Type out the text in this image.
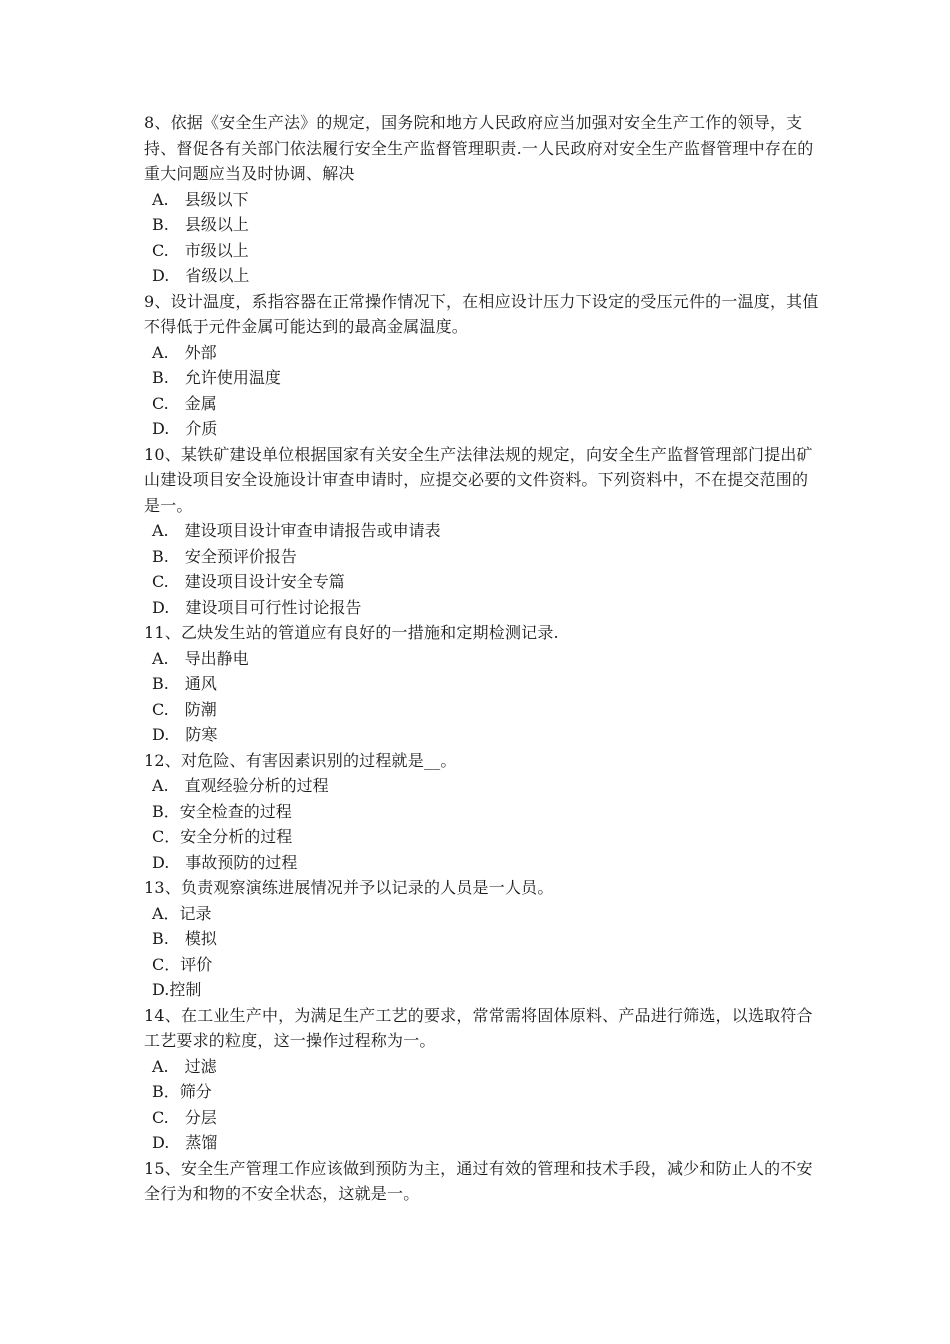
8、依据《安全生产法》的规定，国务院和地方人民政府应当加强对安全生产工作的领导，支持、督促各有关部门依法履行安全生产监督管理职责.一人民政府对安全生产监督管理中存在的重大问题应当及时协调、解决

A.　县级以下
B.　县级以上
C.　市级以上
D.　省级以上

9、设计温度，系指容器在正常操作情况下，在相应设计压力下设定的受压元件的一温度，其值不得低于元件金属可能达到的最高金属温度。

A.　外部
B.　允许使用温度
C.　金属
D.　介质

10、某铁矿建设单位根据国家有关安全生产法律法规的规定，向安全生产监督管理部门提出矿山建设项目安全设施设计审查申请时，应提交必要的文件资料。下列资料中，不在提交范围的是一。

A.　建设项目设计审查申请报告或申请表
B.　安全预评价报告
C.　建设项目设计安全专篇
D.　建设项目可行性讨论报告

11、乙炔发生站的管道应有良好的一措施和定期检测记录.

A.　导出静电
B.　通风
C.　防潮
D.　防寒

12、对危险、有害因素识别的过程就是__。

A.　直观经验分析的过程
B．安全检查的过程
C．安全分析的过程
D.　事故预防的过程

13、负责观察演练进展情况并予以记录的人员是一人员。

A．记录
B.　模拟
C．评价
D.控制

14、在工业生产中，为满足生产工艺的要求，常常需将固体原料、产品进行筛选，以选取符合工艺要求的粒度，这一操作过程称为一。

A.　过滤
B．筛分
C.　分层
D.　蒸馏

15、安全生产管理工作应该做到预防为主，通过有效的管理和技术手段，减少和防止人的不安全行为和物的不安全状态，这就是一。
